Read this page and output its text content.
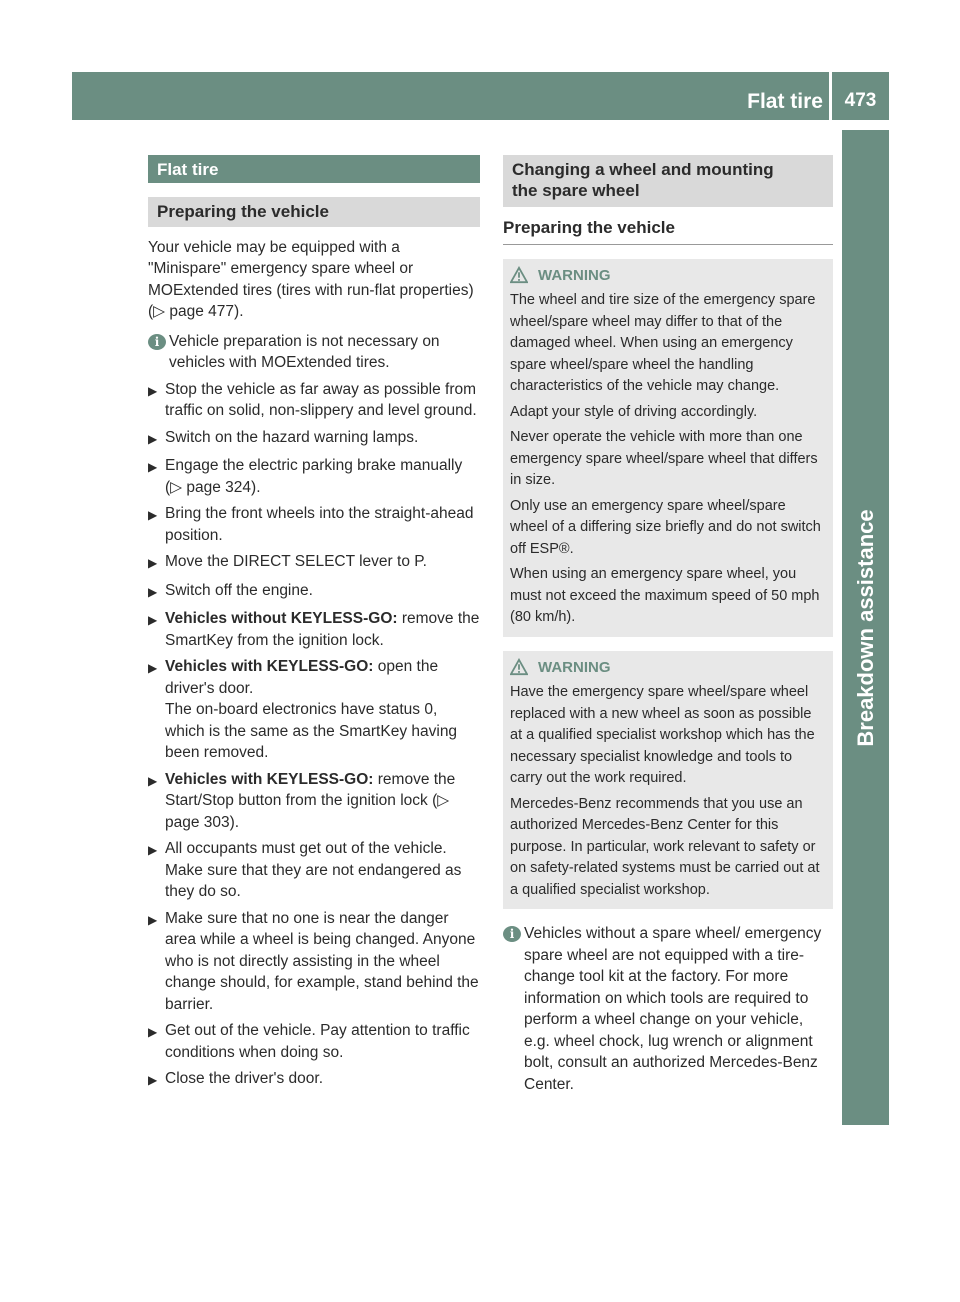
Flat tire	473
Breakdown assistance
Flat tire
Preparing the vehicle

Your vehicle may be equipped with a "Minispare" emergency spare wheel or MOExtended tires (tires with run-flat properties) (▷ page 477).

i Vehicle preparation is not necessary on vehicles with MOExtended tires.
▶ Stop the vehicle as far away as possible from traffic on solid, non-slippery and level ground.
▶ Switch on the hazard warning lamps.
▶ Engage the electric parking brake manually (▷ page 324).
▶ Bring the front wheels into the straight-ahead position.
▶ Move the DIRECT SELECT lever to P.
▶ Switch off the engine.
▶ Vehicles without KEYLESS-GO: remove the SmartKey from the ignition lock.
▶ Vehicles with KEYLESS-GO: open the driver's door.
The on-board electronics have status 0, which is the same as the SmartKey having been removed.
▶ Vehicles with KEYLESS-GO: remove the Start/Stop button from the ignition lock (▷ page 303).
▶ All occupants must get out of the vehicle. Make sure that they are not endangered as they do so.
▶ Make sure that no one is near the danger area while a wheel is being changed. Anyone who is not directly assisting in the wheel change should, for example, stand behind the barrier.
▶ Get out of the vehicle. Pay attention to traffic conditions when doing so.
▶ Close the driver's door.
Changing a wheel and mounting the spare wheel
Preparing the vehicle
WARNING

The wheel and tire size of the emergency spare wheel/spare wheel may differ to that of the damaged wheel. When using an emergency spare wheel/spare wheel the handling characteristics of the vehicle may change.

Adapt your style of driving accordingly.

Never operate the vehicle with more than one emergency spare wheel/spare wheel that differs in size.

Only use an emergency spare wheel/spare wheel of a differing size briefly and do not switch off ESP®.

When using an emergency spare wheel, you must not exceed the maximum speed of 50 mph (80 km/h).

WARNING

Have the emergency spare wheel/spare wheel replaced with a new wheel as soon as possible at a qualified specialist workshop which has the necessary specialist knowledge and tools to carry out the work required.

Mercedes-Benz recommends that you use an authorized Mercedes-Benz Center for this purpose. In particular, work relevant to safety or on safety-related systems must be carried out at a qualified specialist workshop.

i Vehicles without a spare wheel/ emergency spare wheel are not equipped with a tire-change tool kit at the factory. For more information on which tools are required to perform a wheel change on your vehicle, e.g. wheel chock, lug wrench or alignment bolt, consult an authorized Mercedes-Benz Center.
